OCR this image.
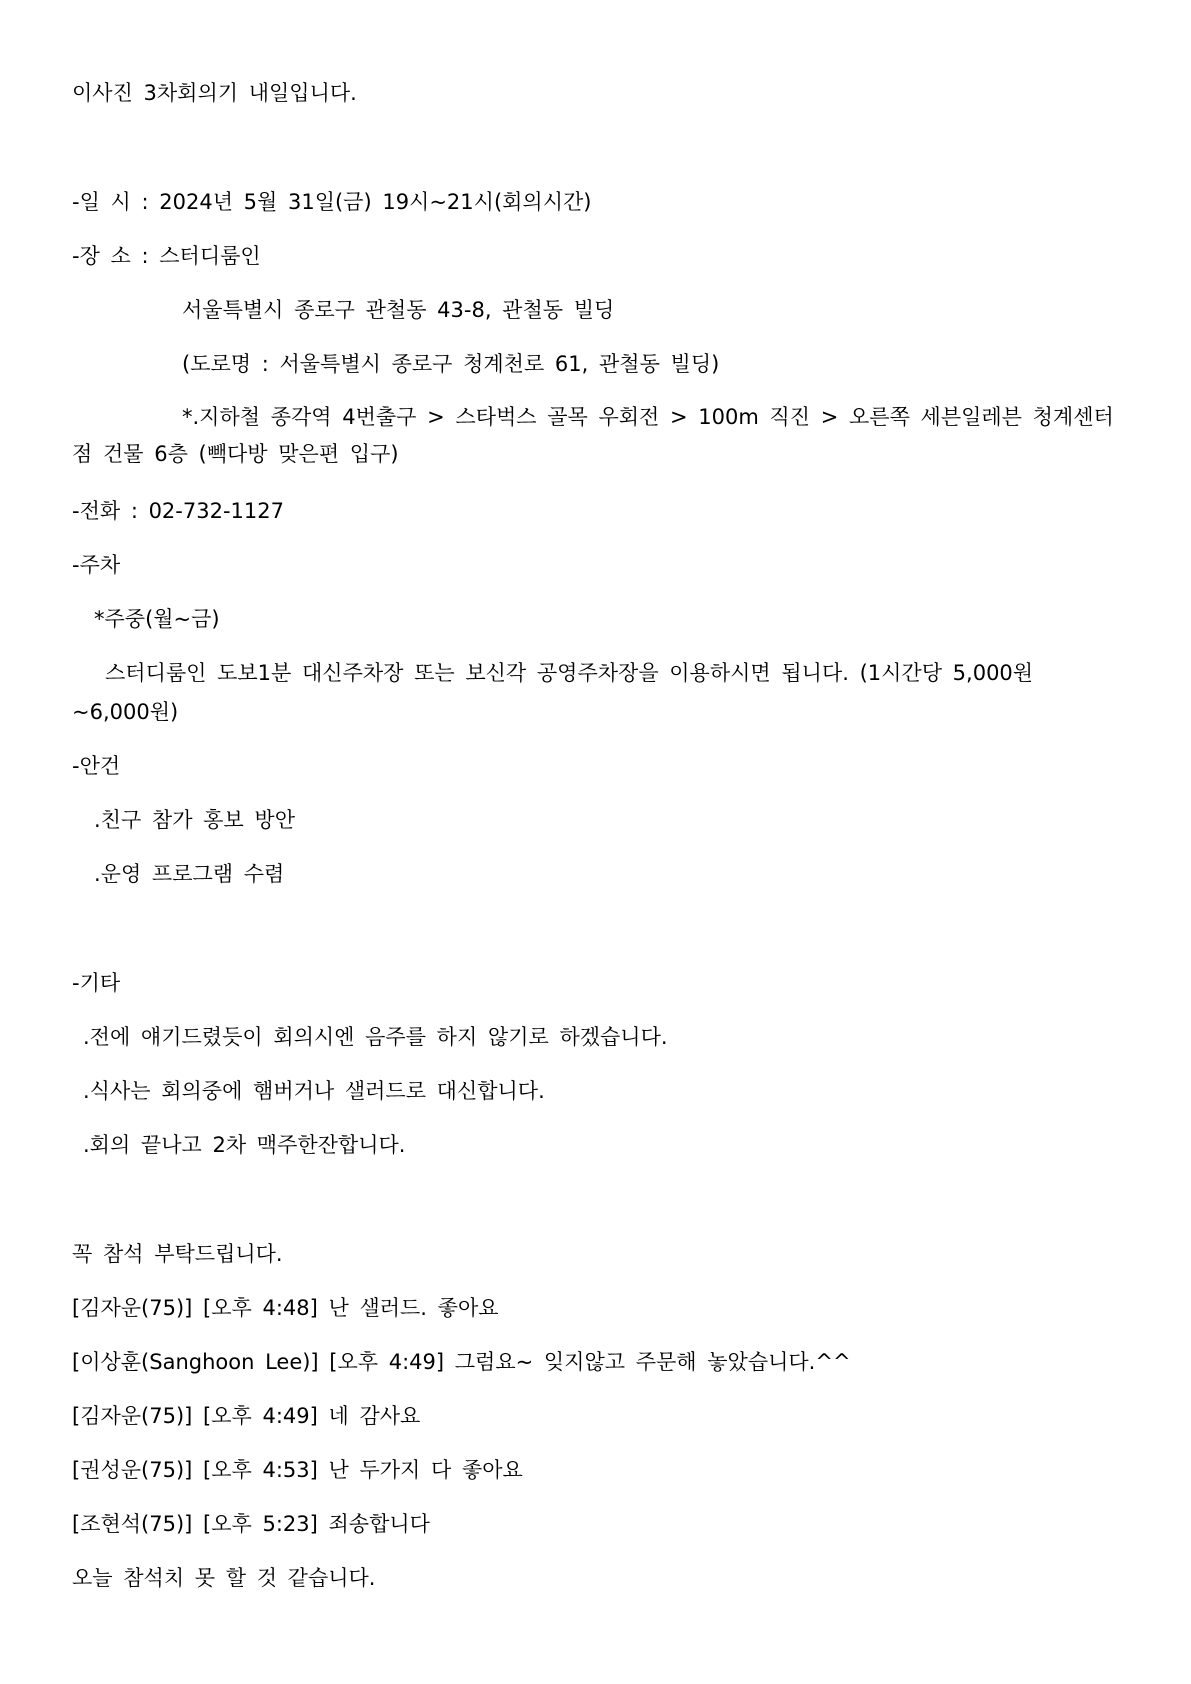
이사진 3차회의기 내일입니다.
-일 시 : 2024년 5월 31일(금) 19시~21시(회의시간)
-장 소 : 스터디룸인
서울특별시 종로구 관철동 43-8, 관철동 빌딩
(도로명 : 서울특별시 종로구 청계천로 61, 관철동 빌딩)
*.지하철 종각역 4번출구 > 스타벅스 골목 우회전 > 100m 직진 > 오른쪽 세븐일레븐 청계센터점 건물 6층 (빽다방 맞은편 입구)
-전화 : 02-732-1127
-주차
*주중(월~금)
스터디룸인 도보1분 대신주차장 또는 보신각 공영주차장을 이용하시면 됩니다. (1시간당 5,000원
~6,000원)
-안건
.친구 참가 홍보 방안
.운영 프로그램 수렴
-기타
.전에 얘기드렸듯이 회의시엔 음주를 하지 않기로 하겠습니다.
.식사는 회의중에 햄버거나 샐러드로 대신합니다.
.회의 끝나고 2차 맥주한잔합니다.
꼭 참석 부탁드립니다.
[김자운(75)] [오후 4:48] 난 샐러드. 좋아요
[이상훈(Sanghoon Lee)] [오후 4:49] 그럼요~ 잊지않고 주문해 놓았습니다.^^
[김자운(75)] [오후 4:49] 네 감사요
[권성운(75)] [오후 4:53] 난 두가지 다 좋아요
[조현석(75)] [오후 5:23] 죄송합니다
오늘 참석치 못 할 것 같습니다.
